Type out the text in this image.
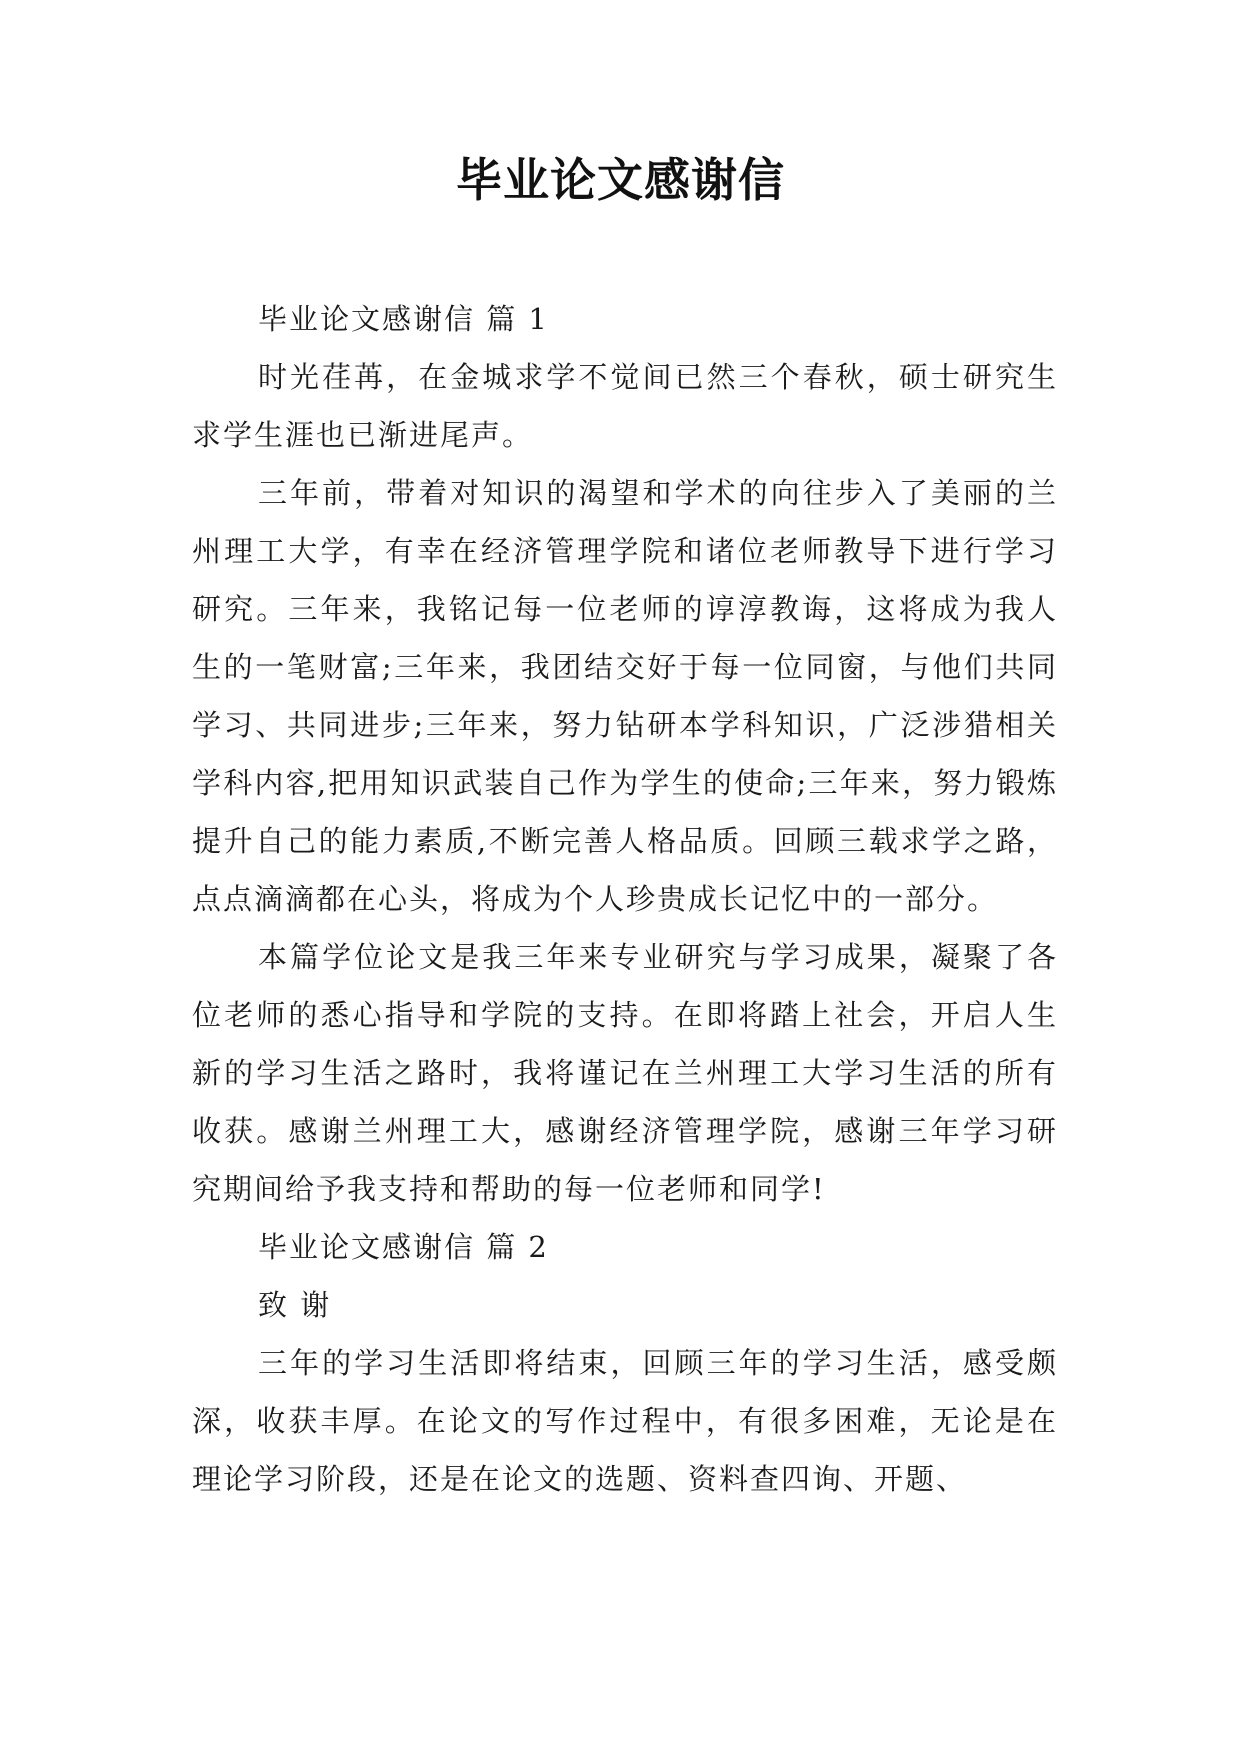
毕业论文感谢信

毕业论文感谢信 篇 1

时光荏苒，在金城求学不觉间已然三个春秋，硕士研究生求学生涯也已渐进尾声。

三年前，带着对知识的渴望和学术的向往步入了美丽的兰州理工大学，有幸在经济管理学院和诸位老师教导下进行学习研究。三年来，我铭记每一位老师的谆淳教诲，这将成为我人生的一笔财富;三年来，我团结交好于每一位同窗，与他们共同学习、共同进步;三年来，努力钻研本学科知识，广泛涉猎相关学科内容,把用知识武装自己作为学生的使命;三年来，努力锻炼提升自己的能力素质,不断完善人格品质。回顾三载求学之路，点点滴滴都在心头，将成为个人珍贵成长记忆中的一部分。

本篇学位论文是我三年来专业研究与学习成果，凝聚了各位老师的悉心指导和学院的支持。在即将踏上社会，开启人生新的学习生活之路时，我将谨记在兰州理工大学习生活的所有收获。感谢兰州理工大，感谢经济管理学院，感谢三年学习研究期间给予我支持和帮助的每一位老师和同学!

毕业论文感谢信 篇 2

致 谢

三年的学习生活即将结束，回顾三年的学习生活，感受颇深，收获丰厚。在论文的写作过程中，有很多困难，无论是在理论学习阶段，还是在论文的选题、资料查四询、开题、
